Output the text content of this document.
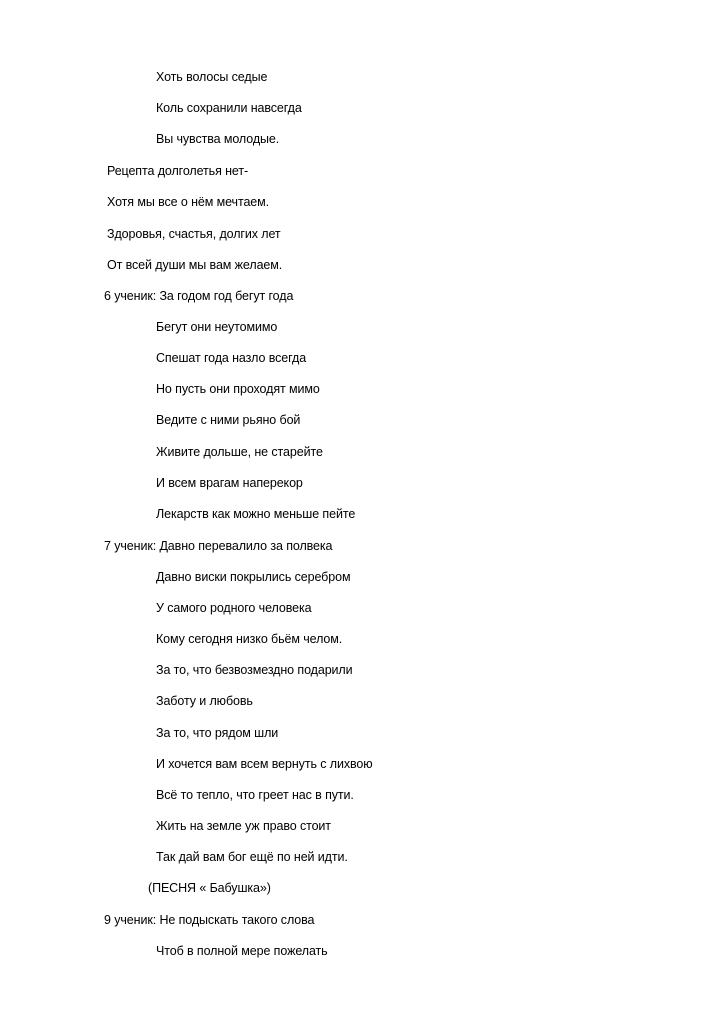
Хоть волосы седые
Коль сохранили навсегда
Вы чувства молодые.
Рецепта долголетья нет-
Хотя мы все о нём мечтаем.
Здоровья, счастья, долгих лет
От всей души мы вам желаем.
6 ученик: За годом год бегут года
Бегут они неутомимо
Спешат года назло всегда
Но пусть они проходят мимо
Ведите с ними рьяно бой
Живите дольше, не старейте
И всем врагам наперекор
Лекарств как можно меньше пейте
7 ученик: Давно перевалило за полвека
Давно виски покрылись серебром
У самого родного человека
Кому сегодня низко бьём челом.
За то, что безвозмездно подарили
Заботу и любовь
За то, что рядом шли
И хочется вам всем вернуть с лихвою
Всё то тепло, что греет нас в пути.
Жить на земле уж право стоит
Так дай вам бог ещё по ней идти.
(ПЕСНЯ « Бабушка»)
9 ученик: Не подыскать такого слова
Чтоб в полной мере пожелать
